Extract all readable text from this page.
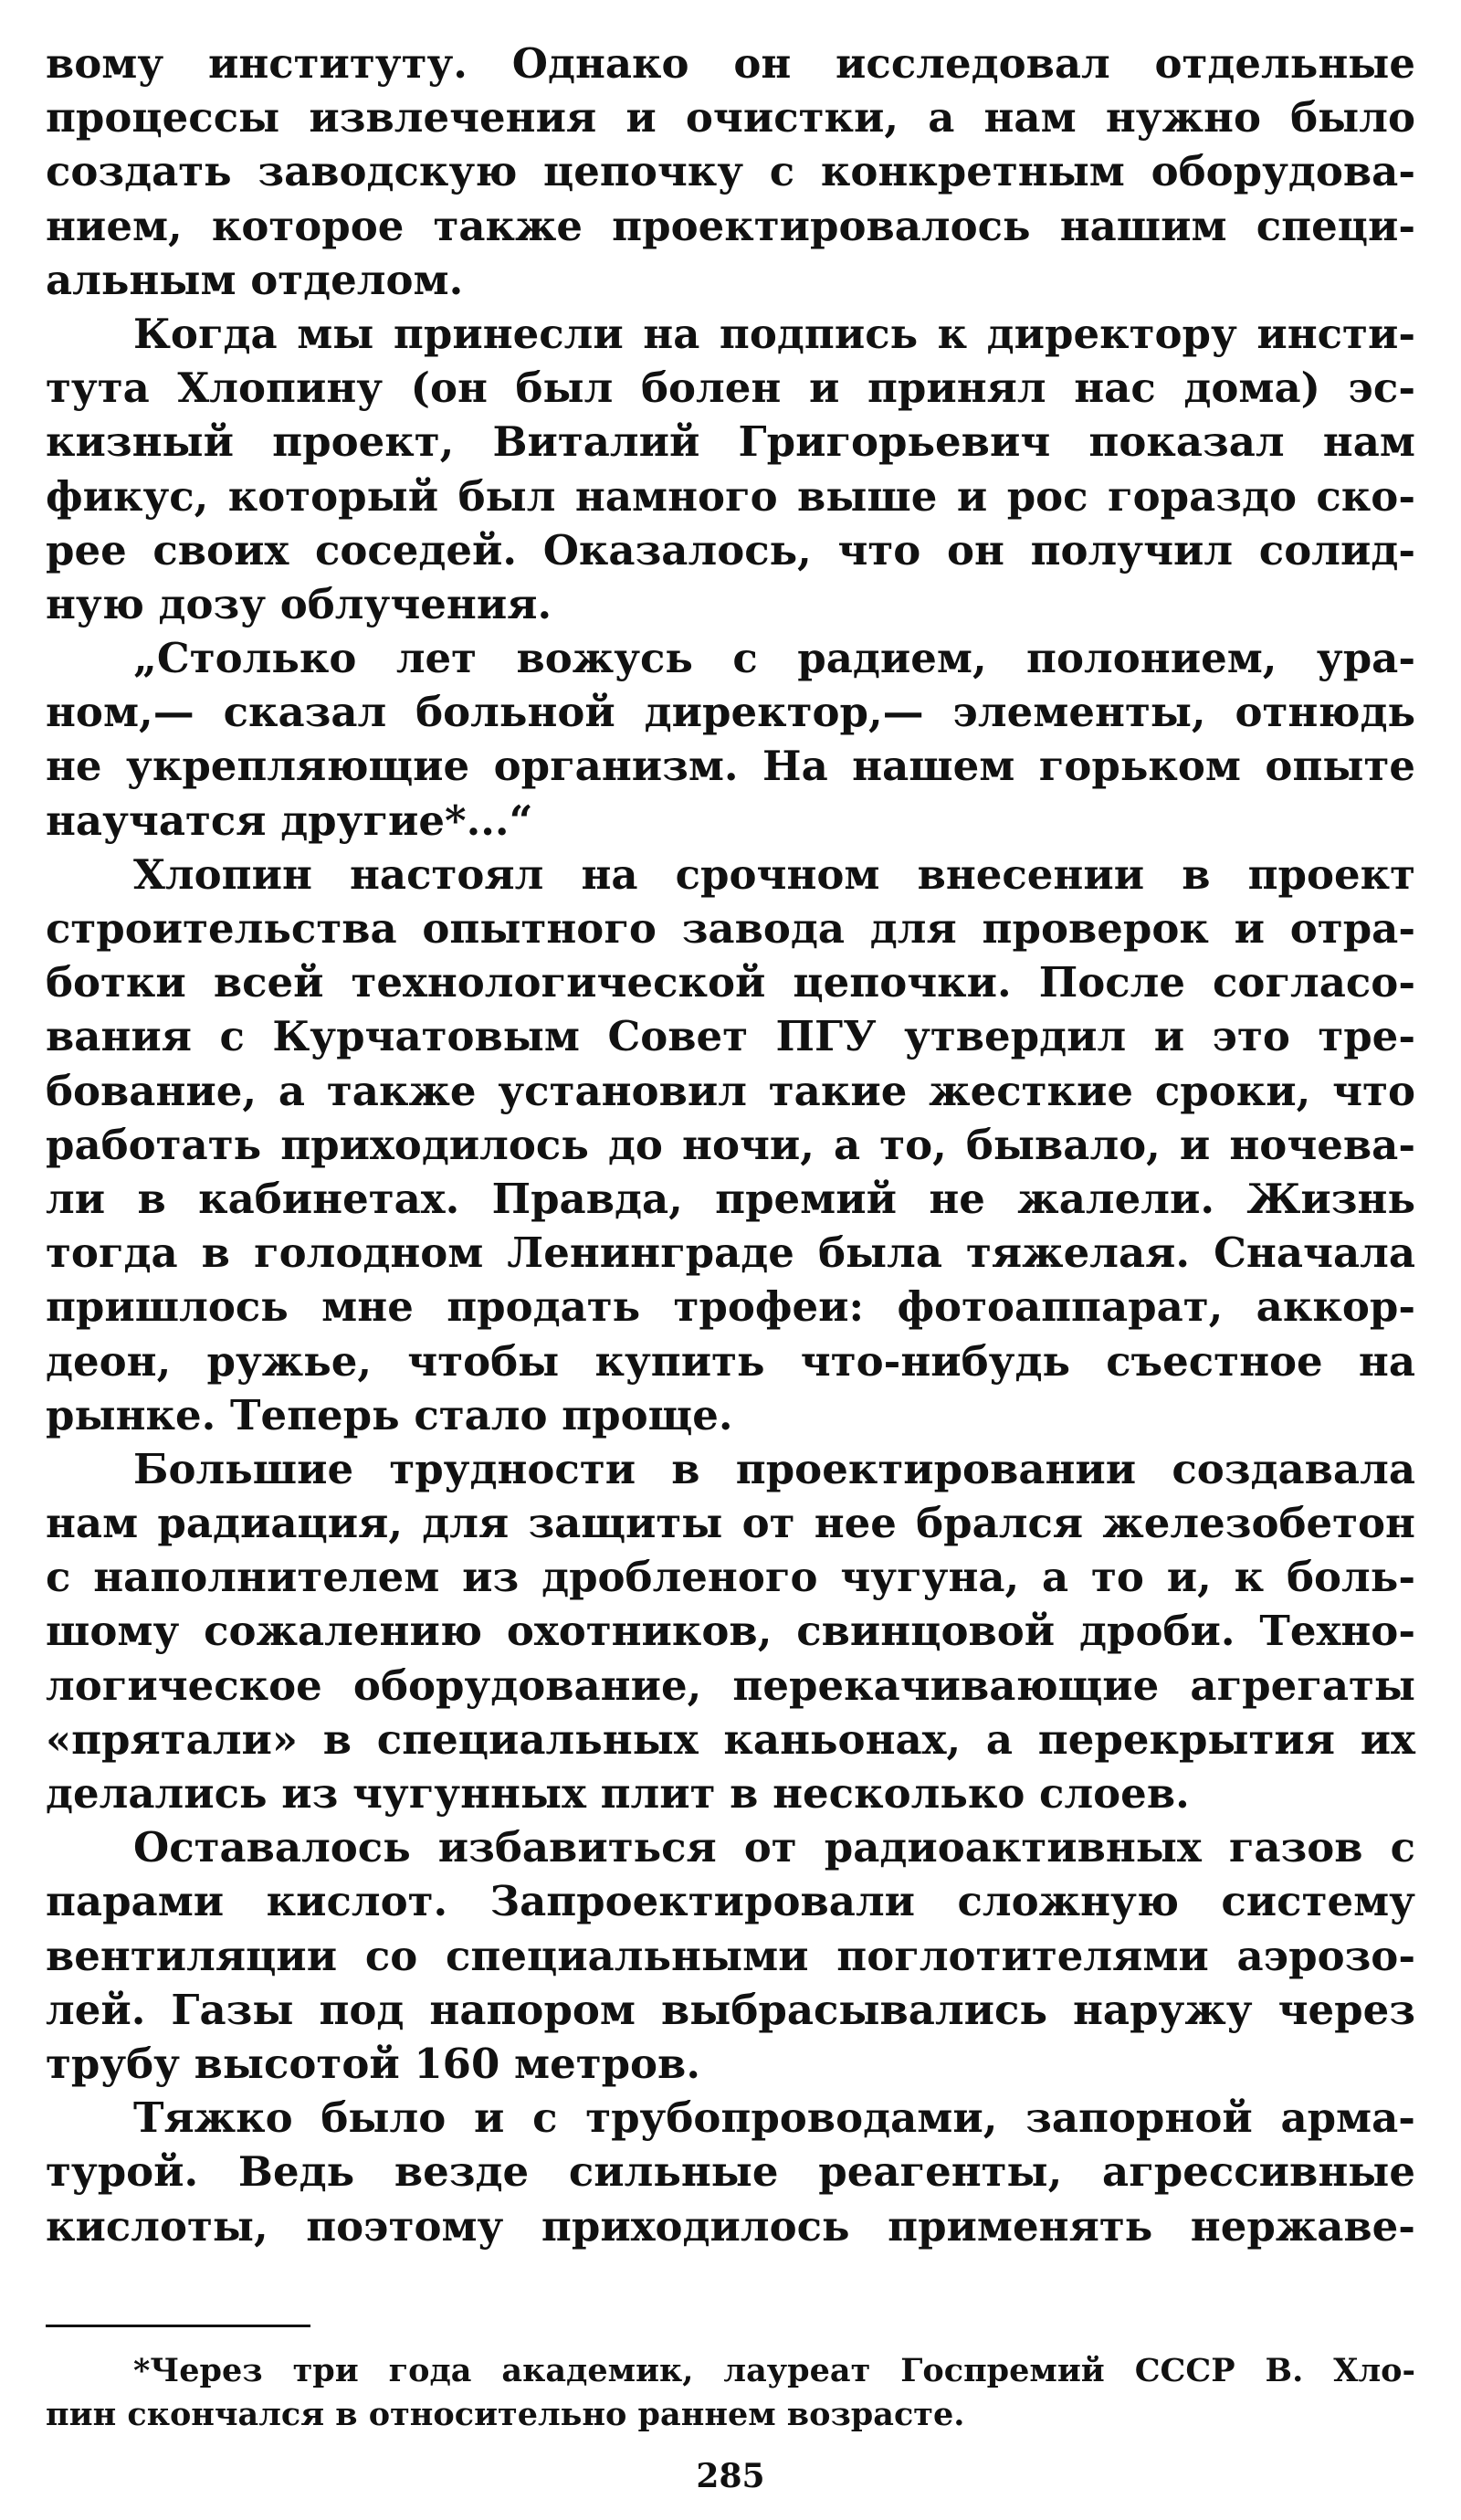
вому институту. Однако он исследовал отдельные
процессы извлечения и очистки, а нам нужно было
создать заводскую цепочку с конкретным оборудова-
нием, которое также проектировалось нашим специ-
альным отделом.
Когда мы принесли на подпись к директору инсти-
тута Хлопину (он был болен и принял нас дома) эс-
кизный проект, Виталий Григорьевич показал нам
фикус, который был намного выше и рос гораздо ско-
рее своих соседей. Оказалось, что он получил солид-
ную дозу облучения.
„Столько лет вожусь с радием, полонием, ура-
ном,— сказал больной директор,— элементы, отнюдь
не укрепляющие организм. На нашем горьком опыте
научатся другие*...“
Хлопин настоял на срочном внесении в проект
строительства опытного завода для проверок и отра-
ботки всей технологической цепочки. После согласо-
вания с Курчатовым Совет ПГУ утвердил и это тре-
бование, а также установил такие жесткие сроки, что
работать приходилось до ночи, а то, бывало, и ночева-
ли в кабинетах. Правда, премий не жалели. Жизнь
тогда в голодном Ленинграде была тяжелая. Сначала
пришлось мне продать трофеи: фотоаппарат, аккор-
деон, ружье, чтобы купить что-нибудь съестное на
рынке. Теперь стало проще.
Большие трудности в проектировании создавала
нам радиация, для защиты от нее брался железобетон
с наполнителем из дробленого чугуна, а то и, к боль-
шому сожалению охотников, свинцовой дроби. Техно-
логическое оборудование, перекачивающие агрегаты
«прятали» в специальных каньонах, а перекрытия их
делались из чугунных плит в несколько слоев.
Оставалось избавиться от радиоактивных газов с
парами кислот. Запроектировали сложную систему
вентиляции со специальными поглотителями аэрозо-
лей. Газы под напором выбрасывались наружу через
трубу высотой 160 метров.
Тяжко было и с трубопроводами, запорной арма-
турой. Ведь везде сильные реагенты, агрессивные
кислоты, поэтому приходилось применять нержаве-
*Через три года академик, лауреат Госпремий СССР В. Хло-
пин скончался в относительно раннем возрасте.
285
